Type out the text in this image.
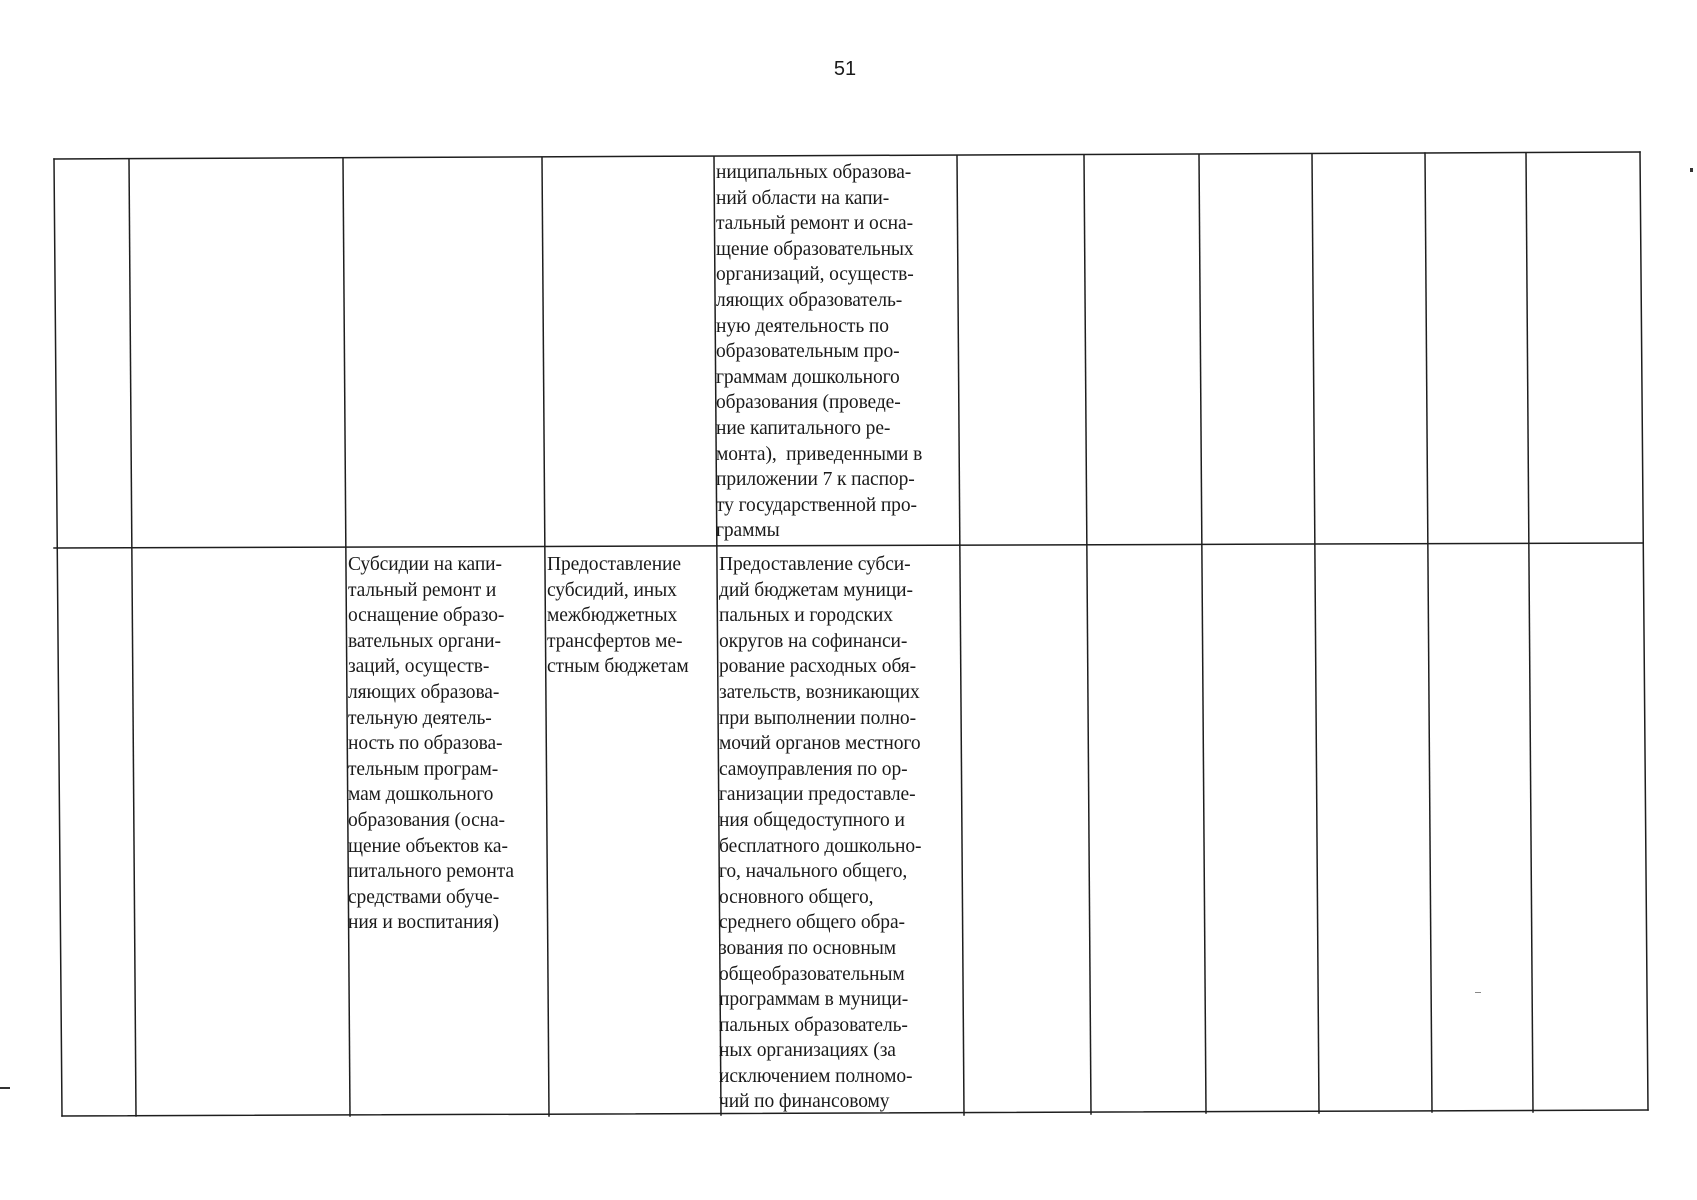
51
ниципальных образова-
ний области на капи-
тальный ремонт и осна-
щение образовательных
организаций, осуществ-
ляющих образователь-
ную деятельность по
образовательным про-
граммам дошкольного
образования (проведе-
ние капитального ре-
монта),  приведенными в
приложении 7 к паспор-
ту государственной про-
граммы
Субсидии на капи-
тальный ремонт и
оснащение образо-
вательных органи-
заций, осуществ-
ляющих образова-
тельную деятель-
ность по образова-
тельным програм-
мам дошкольного
образования (осна-
щение объектов ка-
питального ремонта
средствами обуче-
ния и воспитания)
Предоставление
субсидий, иных
межбюджетных
трансфертов ме-
стным бюджетам
Предоставление субси-
дий бюджетам муници-
пальных и городских
округов на софинанси-
рование расходных обя-
зательств, возникающих
при выполнении полно-
мочий органов местного
самоуправления по ор-
ганизации предоставле-
ния общедоступного и
бесплатного дошкольно-
го, начального общего,
основного общего,
среднего общего обра-
зования по основным
общеобразовательным
программам в муници-
пальных образователь-
ных организациях (за
исключением полномо-
чий по финансовому
